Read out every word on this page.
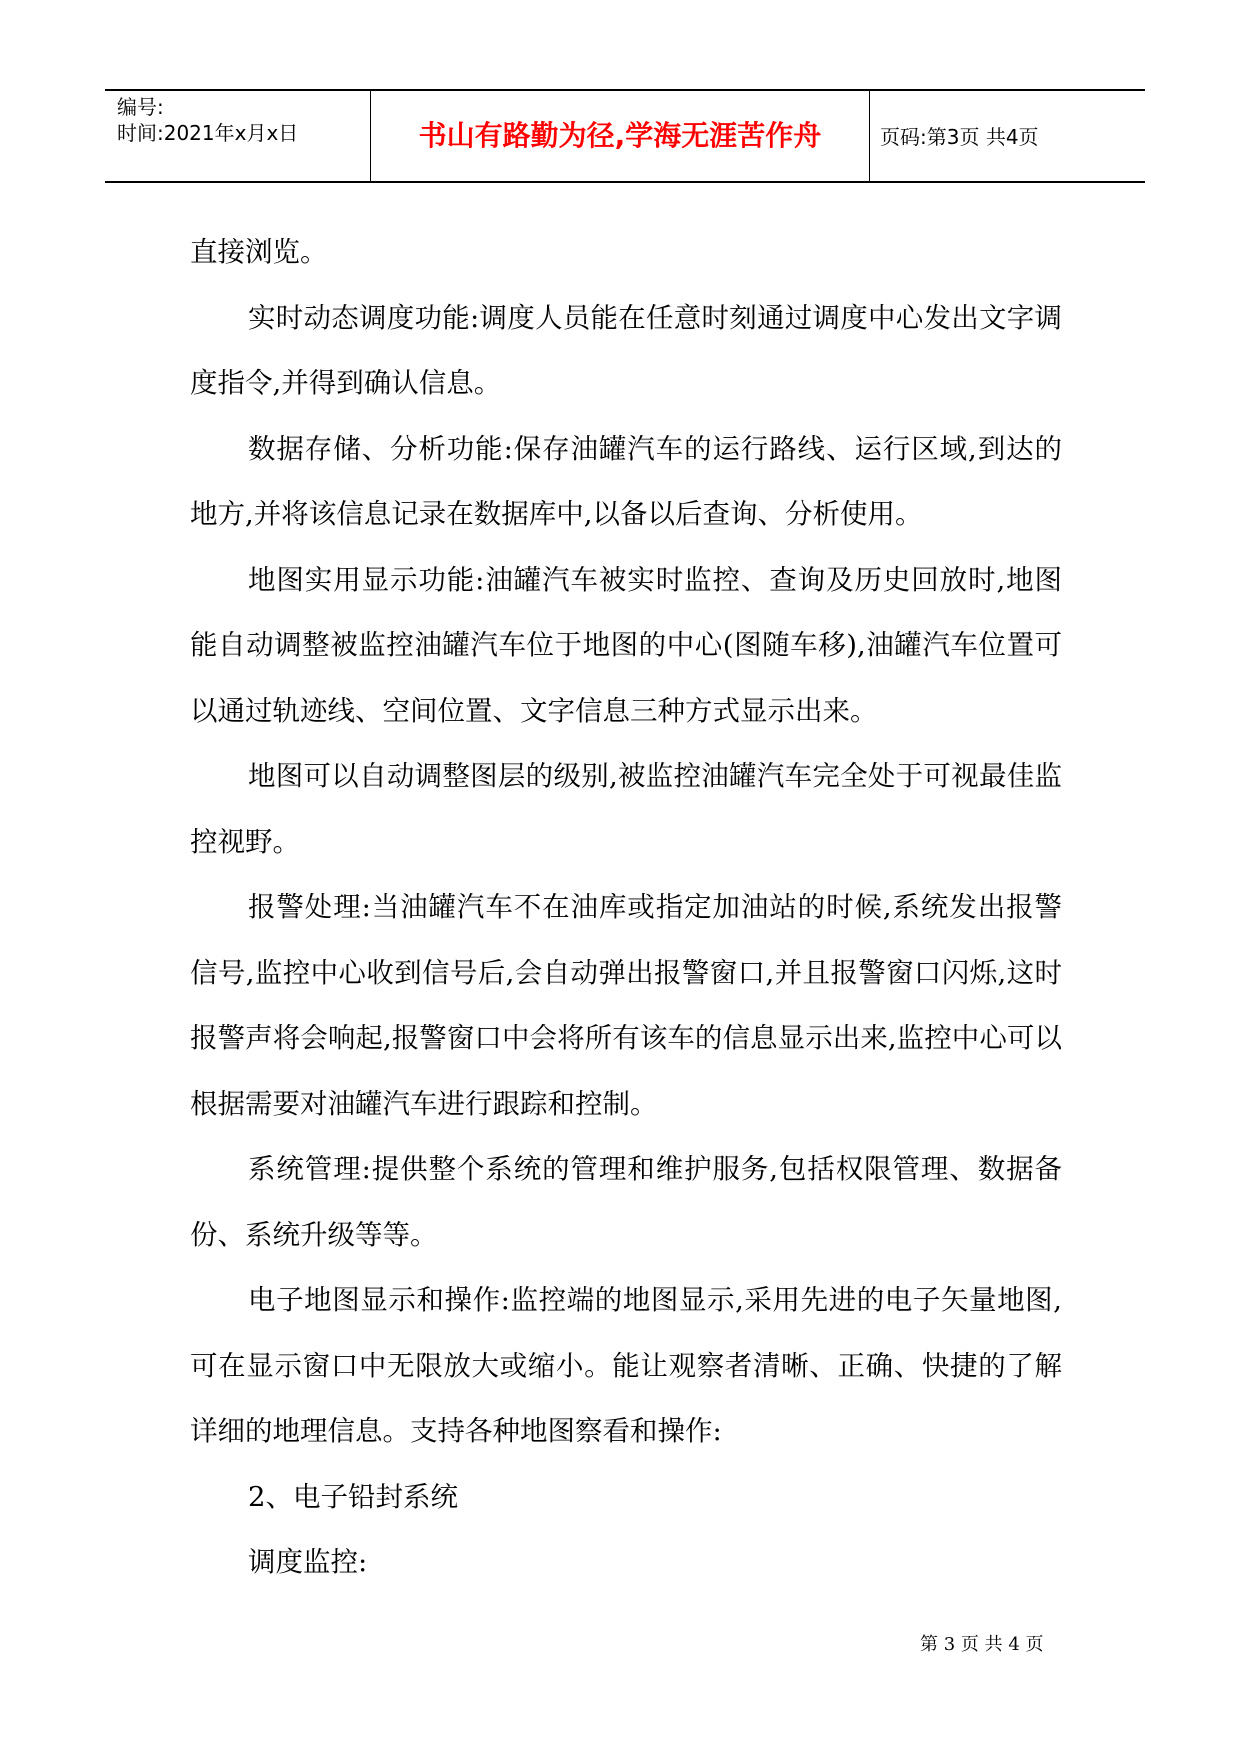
编号:
时间:2021年x月x日	书山有路勤为径,学海无涯苦作舟	页码:第3页 共4页

直接浏览。

实时动态调度功能:调度人员能在任意时刻通过调度中心发出文字调度指令,并得到确认信息。

数据存储、分析功能:保存油罐汽车的运行路线、运行区域,到达的地方,并将该信息记录在数据库中,以备以后查询、分析使用。

地图实用显示功能:油罐汽车被实时监控、查询及历史回放时,地图能自动调整被监控油罐汽车位于地图的中心(图随车移),油罐汽车位置可以通过轨迹线、空间位置、文字信息三种方式显示出来。

地图可以自动调整图层的级别,被监控油罐汽车完全处于可视最佳监控视野。

报警处理:当油罐汽车不在油库或指定加油站的时候,系统发出报警信号,监控中心收到信号后,会自动弹出报警窗口,并且报警窗口闪烁,这时报警声将会响起,报警窗口中会将所有该车的信息显示出来,监控中心可以根据需要对油罐汽车进行跟踪和控制。

系统管理:提供整个系统的管理和维护服务,包括权限管理、数据备份、系统升级等等。

电子地图显示和操作:监控端的地图显示,采用先进的电子矢量地图,可在显示窗口中无限放大或缩小。能让观察者清晰、正确、快捷的了解详细的地理信息。支持各种地图察看和操作:

2、电子铅封系统

调度监控:

第 3 页 共 4 页
